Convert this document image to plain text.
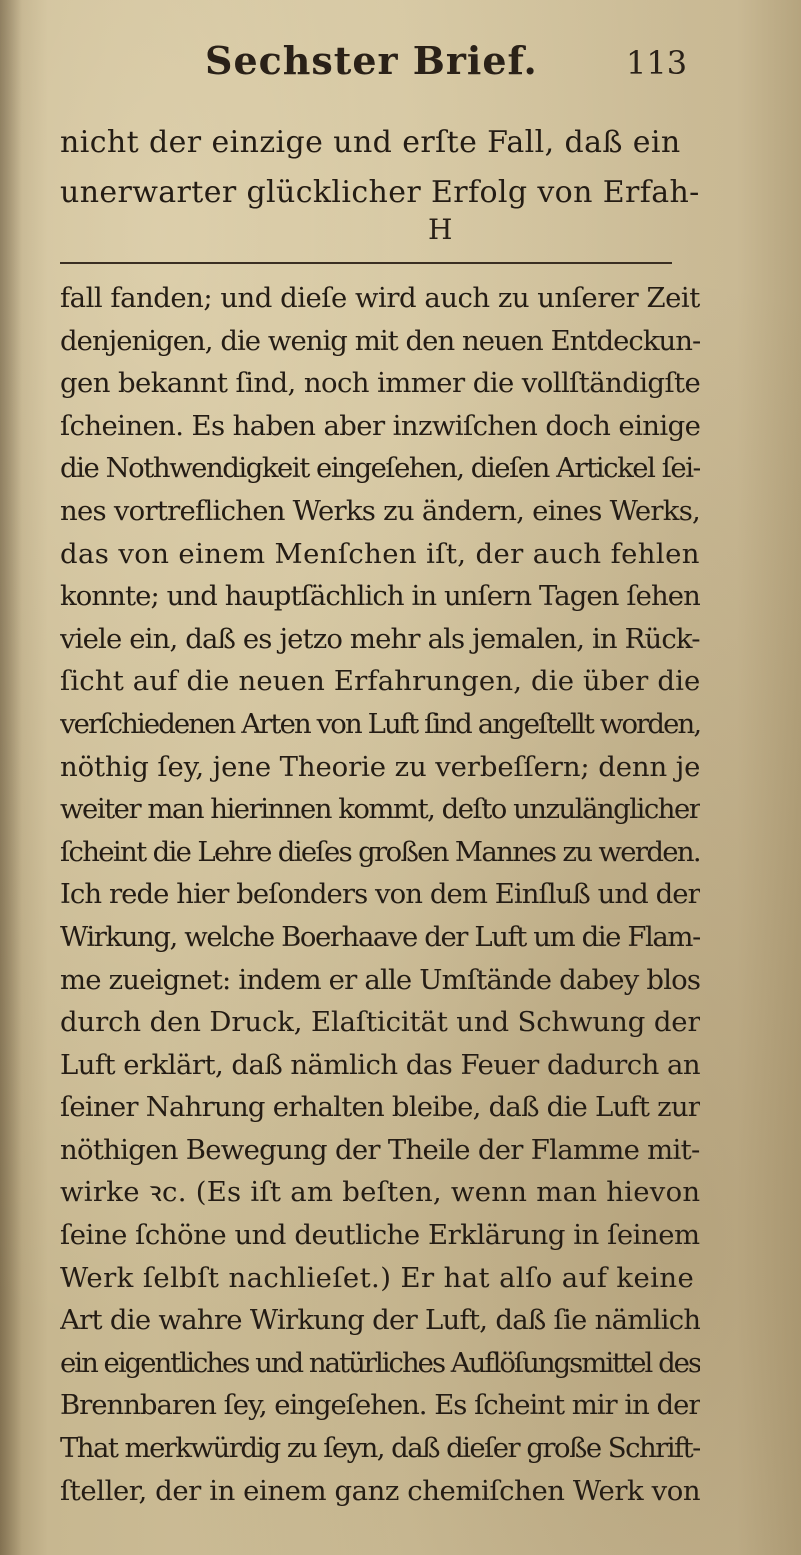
Sechster Brief.	113
nicht der einzige und erſte Fall, daß ein
unerwarter glücklicher Erfolg von Erfah-
H
fall fanden; und dieſe wird auch zu unſerer Zeit
denjenigen, die wenig mit den neuen Entdeckun-
gen bekannt ſind, noch immer die vollſtändigſte
ſcheinen. Es haben aber inzwiſchen doch einige
die Nothwendigkeit eingeſehen, dieſen Artickel ſei-
nes vortreflichen Werks zu ändern, eines Werks,
das von einem Menſchen iſt, der auch fehlen
konnte; und hauptſächlich in unſern Tagen ſehen
viele ein, daß es jetzo mehr als jemalen, in Rück-
ſicht auf die neuen Erfahrungen, die über die
verſchiedenen Arten von Luft ſind angeſtellt worden,
nöthig ſey, jene Theorie zu verbeſſern; denn je
weiter man hierinnen kommt, deſto unzulänglicher
ſcheint die Lehre dieſes großen Mannes zu werden.
Ich rede hier beſonders von dem Einſluß und der
Wirkung, welche Boerhaave der Luft um die Flam-
me zueignet: indem er alle Umſtände dabey blos
durch den Druck, Elaſticität und Schwung der
Luft erklärt, daß nämlich das Feuer dadurch an
ſeiner Nahrung erhalten bleibe, daß die Luft zur
nöthigen Bewegung der Theile der Flamme mit-
wirke ꝛc. (Es iſt am beſten, wenn man hievon
ſeine ſchöne und deutliche Erklärung in ſeinem
Werk ſelbſt nachlieſet.) Er hat alſo auf keine
Art die wahre Wirkung der Luft, daß ſie nämlich
ein eigentliches und natürliches Auflöſungsmittel des
Brennbaren ſey, eingeſehen. Es ſcheint mir in der
That merkwürdig zu ſeyn, daß dieſer große Schrift-
ſteller, der in einem ganz chemiſchen Werk von
